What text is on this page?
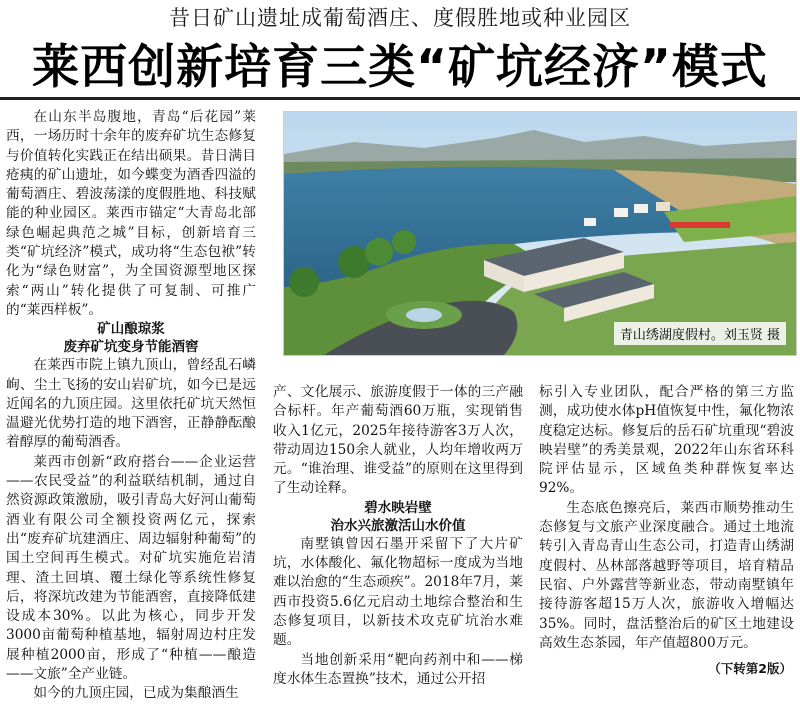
昔日矿山遗址成葡萄酒庄、度假胜地或种业园区
莱西创新培育三类“矿坑经济”模式

在山东半岛腹地，青岛“后花园”莱西，一场历时十余年的废弃矿坑生态修复与价值转化实践正在结出硕果。昔日满目疮痍的矿山遗址，如今蝶变为酒香四溢的葡萄酒庄、碧波荡漾的度假胜地、科技赋能的种业园区。莱西市锚定“大青岛北部绿色崛起典范之城”目标，创新培育三类“矿坑经济”模式，成功将“生态包袱”转化为“绿色财富”，为全国资源型地区探索“两山”转化提供了可复制、可推广的“莱西样板”。

矿山酿琼浆

废弃矿坑变身节能酒窖

在莱西市院上镇九顶山，曾经乱石嶙峋、尘土飞扬的安山岩矿坑，如今已是远近闻名的九顶庄园。这里依托矿坑天然恒温避光优势打造的地下酒窖，正静静酝酿着醇厚的葡萄酒香。

莱西市创新“政府搭台——企业运营——农民受益”的利益联结机制，通过自然资源政策激励，吸引青岛大好河山葡萄酒业有限公司全额投资两亿元，探索出“废弃矿坑建酒庄、周边辐射种葡萄”的国土空间再生模式。对矿坑实施危岩清理、渣土回填、覆土绿化等系统性修复后，将深坑改建为节能酒窖，直接降低建设成本30%。以此为核心，同步开发3000亩葡萄种植基地，辐射周边村庄发展种植2000亩，形成了“种植——酿造——文旅”全产业链。

如今的九顶庄园，已成为集酿酒生

青山绣湖度假村。刘玉贤 摄

产、文化展示、旅游度假于一体的三产融合标杆。年产葡萄酒60万瓶，实现销售收入1亿元，2025年接待游客3万人次，带动周边150余人就业，人均年增收两万元。“谁治理、谁受益”的原则在这里得到了生动诠释。

碧水映岩壁

治水兴旅激活山水价值

南墅镇曾因石墨开采留下了大片矿坑，水体酸化、氟化物超标一度成为当地难以治愈的“生态顽疾”。2018年7月，莱西市投资5.6亿元启动土地综合整治和生态修复项目，以新技术攻克矿坑治水难题。

当地创新采用“靶向药剂中和——梯度水体生态置换”技术，通过公开招

标引入专业团队，配合严格的第三方监测，成功使水体pH值恢复中性，氟化物浓度稳定达标。修复后的岳石矿坑重现“碧波映岩壁”的秀美景观，2022年山东省环科院评估显示，区域鱼类种群恢复率达92%。

生态底色擦亮后，莱西市顺势推动生态修复与文旅产业深度融合。通过土地流转引入青岛青山生态公司，打造青山绣湖度假村、丛林部落越野等项目，培育精品民宿、户外露营等新业态，带动南墅镇年接待游客超15万人次，旅游收入增幅达35%。同时，盘活整治后的矿区土地建设高效生态茶园，年产值超800万元。

（下转第2版）
